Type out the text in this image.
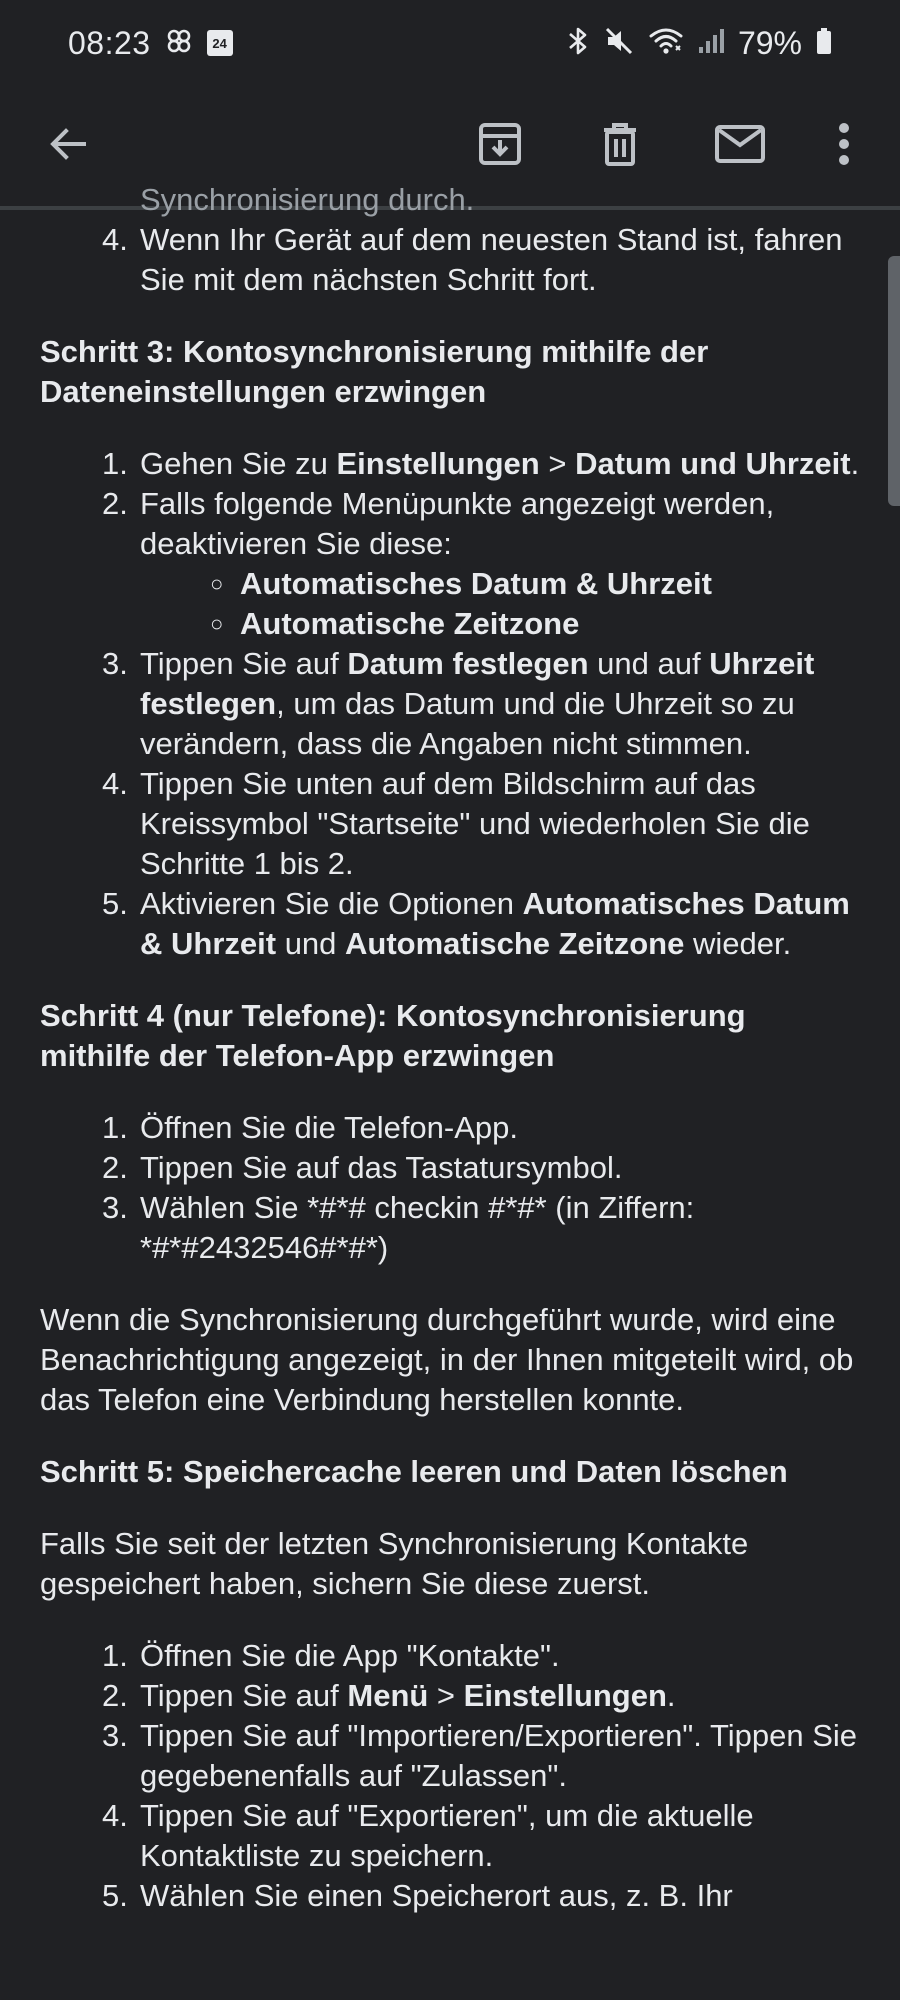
08:23	24	79%
Synchronisierung durch.
4. Wenn Ihr Gerät auf dem neuesten Stand ist, fahren Sie mit dem nächsten Schritt fort.
Schritt 3: Kontosynchronisierung mithilfe der Dateneinstellungen erzwingen
1. Gehen Sie zu Einstellungen > Datum und Uhrzeit.
2. Falls folgende Menüpunkte angezeigt werden, deaktivieren Sie diese:
○ Automatisches Datum & Uhrzeit
○ Automatische Zeitzone
3. Tippen Sie auf Datum festlegen und auf Uhrzeit festlegen, um das Datum und die Uhrzeit so zu verändern, dass die Angaben nicht stimmen.
4. Tippen Sie unten auf dem Bildschirm auf das Kreissymbol "Startseite" und wiederholen Sie die Schritte 1 bis 2.
5. Aktivieren Sie die Optionen Automatisches Datum & Uhrzeit und Automatische Zeitzone wieder.
Schritt 4 (nur Telefone): Kontosynchronisierung mithilfe der Telefon-App erzwingen
1. Öffnen Sie die Telefon-App.
2. Tippen Sie auf das Tastatursymbol.
3. Wählen Sie *#*# checkin #*#* (in Ziffern: *#*#2432546#*#*)
Wenn die Synchronisierung durchgeführt wurde, wird eine Benachrichtigung angezeigt, in der Ihnen mitgeteilt wird, ob das Telefon eine Verbindung herstellen konnte.
Schritt 5: Speichercache leeren und Daten löschen
Falls Sie seit der letzten Synchronisierung Kontakte gespeichert haben, sichern Sie diese zuerst.
1. Öffnen Sie die App "Kontakte".
2. Tippen Sie auf Menü > Einstellungen.
3. Tippen Sie auf "Importieren/Exportieren". Tippen Sie gegebenenfalls auf "Zulassen".
4. Tippen Sie auf "Exportieren", um die aktuelle Kontaktliste zu speichern.
5. Wählen Sie einen Speicherort aus, z. B. Ihr
